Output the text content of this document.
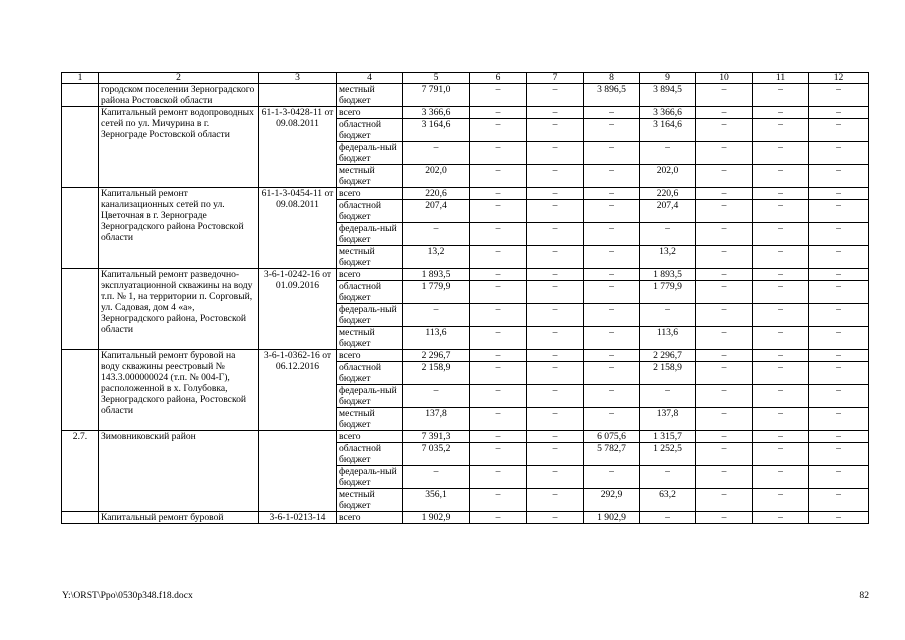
1	2	3	4	5	6	7	8	9	10	11	12
	городском поселении Зерноградского района Ростовской области		местный бюджет	7 791,0	–	–	3 896,5	3 894,5	–	–	–
	Капитальный ремонт водопроводных сетей по ул. Мичурина в г. Зернограде Ростовской области	61-1-3-0428-11 от 09.08.2011	всего	3 366,6	–	–	–	3 366,6	–	–	–
			областной бюджет	3 164,6	–	–	–	3 164,6	–	–	–
			федераль-ный бюджет	–	–	–	–	–	–	–	–
			местный бюджет	202,0	–	–	–	202,0	–	–	–
	Капитальный ремонт канализационных сетей по ул. Цветочная в г. Зернограде Зерноградского района Ростовской области	61-1-3-0454-11 от 09.08.2011	всего	220,6	–	–	–	220,6	–	–	–
			областной бюджет	207,4	–	–	–	207,4	–	–	–
			федераль-ный бюджет	–	–	–	–	–	–	–	–
			местный бюджет	13,2	–	–	–	13,2	–	–	–
	Капитальный ремонт разведочно-эксплуатационной скважины на воду т.п. № 1, на территории п. Сорговый, ул. Садовая, дом 4 «а», Зерноградского района, Ростовской области	3-6-1-0242-16 от 01.09.2016	всего	1 893,5	–	–	–	1 893,5	–	–	–
			областной бюджет	1 779,9	–	–	–	1 779,9	–	–	–
			федераль-ный бюджет	–	–	–	–	–	–	–	–
			местный бюджет	113,6	–	–	–	113,6	–	–	–
	Капитальный ремонт буровой на воду скважины реестровый № 143.3.000000024 (т.п. № 004-Г), расположенной в х. Голубовка, Зерноградского района, Ростовской области	3-6-1-0362-16 от 06.12.2016	всего	2 296,7	–	–	–	2 296,7	–	–	–
			областной бюджет	2 158,9	–	–	–	2 158,9	–	–	–
			федераль-ный бюджет	–	–	–	–	–	–	–	–
			местный бюджет	137,8	–	–	–	137,8	–	–	–
2.7.	Зимовниковский район		всего	7 391,3	–	–	6 075,6	1 315,7	–	–	–
			областной бюджет	7 035,2	–	–	5 782,7	1 252,5	–	–	–
			федераль-ный бюджет	–	–	–	–	–	–	–	–
			местный бюджет	356,1	–	–	292,9	63,2	–	–	–
	Капитальный ремонт буровой	3-6-1-0213-14	всего	1 902,9	–	–	1 902,9	–	–	–	–
Y:\ORST\Ppo\0530p348.f18.docx	82
